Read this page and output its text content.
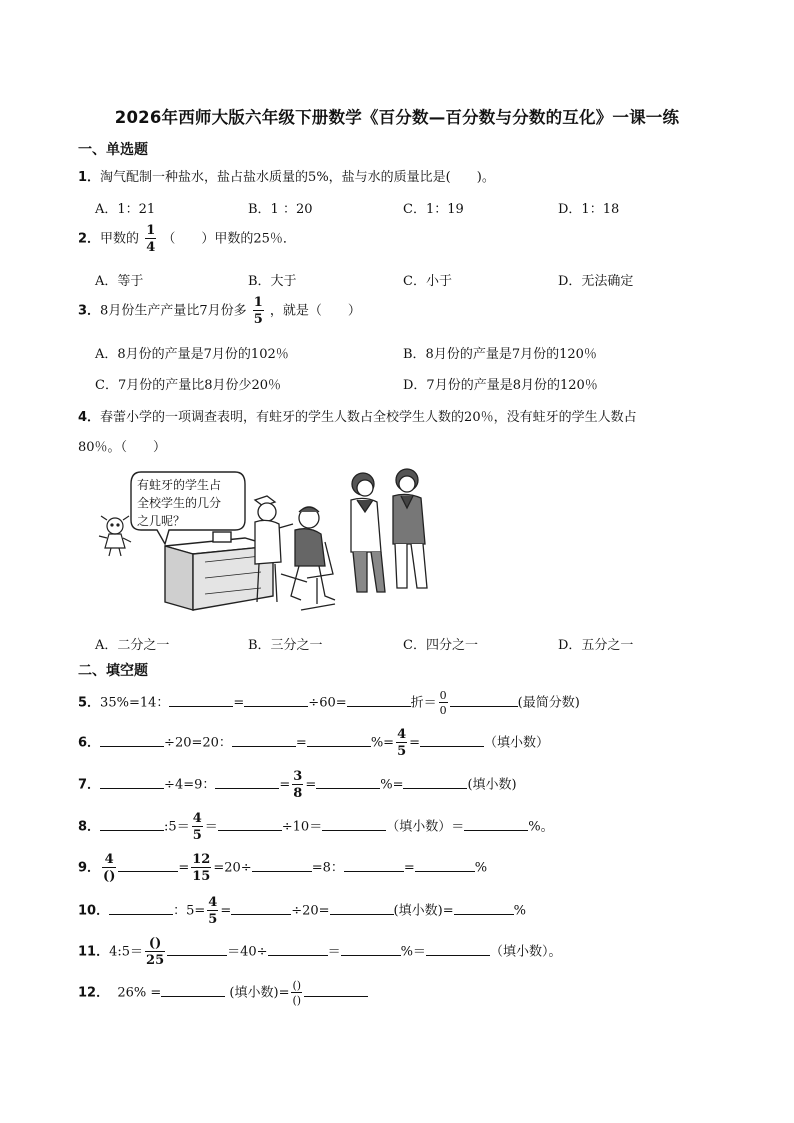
2026年西师大版六年级下册数学《百分数—百分数与分数的互化》一课一练
一、单选题
1．淘气配制一种盐水，盐占盐水质量的5%，盐与水的质量比是(　　)。
A．1：21	B．1 ：20	C．1：19	D．1：18
2．甲数的 $\frac{1}{4}$ （　　）甲数的25％．
A．等于	B．大于	C．小于	D．无法确定
3．8月份生产产量比7月份多 $\frac{1}{5}$ ，就是（　　）
A．8月份的产量是7月份的102％	B．8月份的产量是7月份的120％
C．7月份的产量比8月份少20％	D．7月份的产量是8月份的120％
4．春蕾小学的一项调查表明，有蛀牙的学生人数占全校学生人数的20％，没有蛀牙的学生人数占
80％。（　　）
有蛀牙的学生占
全校学生的几分
之几呢？
A．二分之一	B．三分之一	C．四分之一	D．五分之一
二、填空题
5．35%=14：	=	÷60=	折＝ $\frac{0}{0}$	(最简分数)
6．	÷20=20：	=	%= $\frac{4}{5}$ =	（填小数）
7．	÷4=9：	= $\frac{3}{8}$ =	%=	(填小数)
8．	:5＝ $\frac{4}{5}$ ＝	÷10＝	（填小数）＝	%。
9． $\frac{4}{()}$	= $\frac{12}{15} =20\div$	=8：	=	%
10．	：$5= \frac{4}{5}$ =	÷20=	(填小数)=	%
11．4:5＝ $\frac{()}{25}$	＝40÷	＝	%＝	（填小数）。
12． 26% =	(填小数)= $\frac{()}{()}$
